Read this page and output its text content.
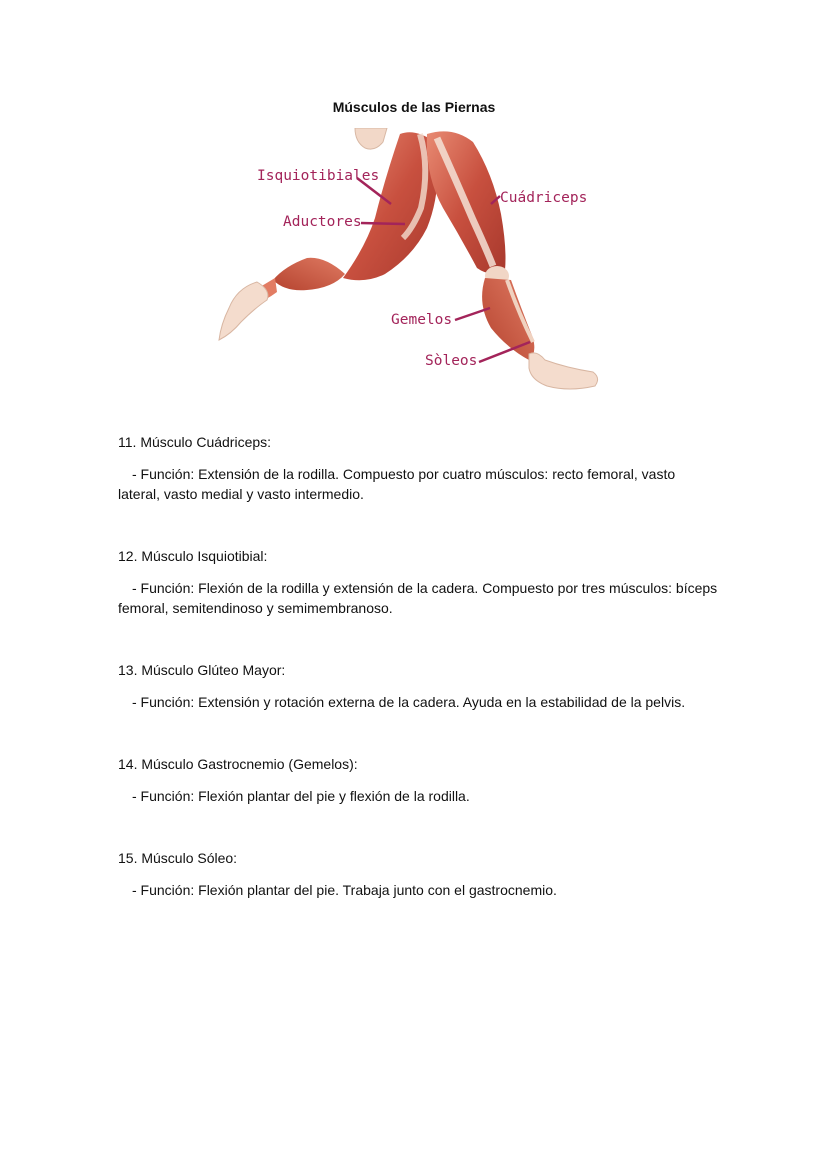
Músculos de las Piernas
Isquiotibiales
Aductores
Cuádriceps
Gemelos
Sòleos
11. Músculo Cuádriceps:
- Función: Extensión de la rodilla. Compuesto por cuatro músculos: recto femoral, vasto lateral, vasto medial y vasto intermedio.
12. Músculo Isquiotibial:
- Función: Flexión de la rodilla y extensión de la cadera. Compuesto por tres músculos: bíceps femoral, semitendinoso y semimembranoso.
13. Músculo Glúteo Mayor:
- Función: Extensión y rotación externa de la cadera. Ayuda en la estabilidad de la pelvis.
14. Músculo Gastrocnemio (Gemelos):
- Función: Flexión plantar del pie y flexión de la rodilla.
15. Músculo Sóleo:
- Función: Flexión plantar del pie. Trabaja junto con el gastrocnemio.
